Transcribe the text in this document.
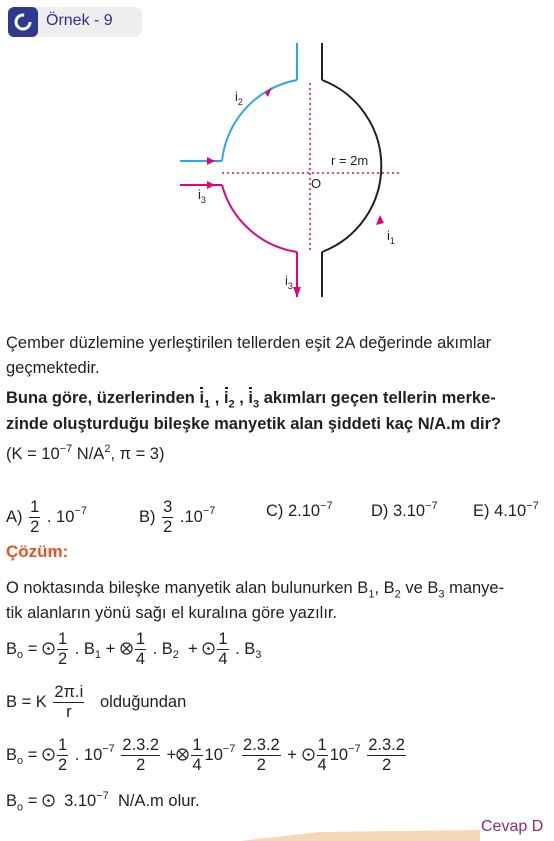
Örnek - 9
r = 2m
O
$i_2$
$i_3$
$i_1$
$i_3$
Çember düzlemine yerleştirilen tellerden eşit 2A değerinde akımlar
geçmektedir.
Buna göre, üzerlerinden $i_1$ , $i_2$ , $i_3$ akımları geçen tellerin merke-
zinde oluşturduğu bileşke manyetik alan şiddeti kaç N/A.m dir?
($K = 10^{-7}$ $N/A^2$, π = 3)
$A) \frac{1}{2}$ . $10^{-7}$	$B) \frac{3}{2} .10^{-7}$	C) $2.10^{-7}$ D) $3.10^{-7}$ E) $4.10^{-7}$
Çözüm:
O noktasında bileşke manyetik alan bulunurken $B_1$, $B_2$ ve $B_3$ manye-
tik alanların yönü sağı el kuralına göre yazılır.
$B_o = \frac{1}{2}$ . $B_1 + \frac{1}{4}$ . $B_2 + \frac{1}{4}$ . $B_3$
B = K $\frac{2\pi.i}{r}$ olduğundan
$B_o = \frac{1}{2}$ . $10^{-7} \frac{2.3.2}{2} + \frac{1}{4} 10^{-7} \frac{2.3.2}{2} + \frac{1}{4} 10^{-7} \frac{2.3.2}{2}$
$B_o = 3.10^{-7}$ N/A.m olur.
Cevap D
